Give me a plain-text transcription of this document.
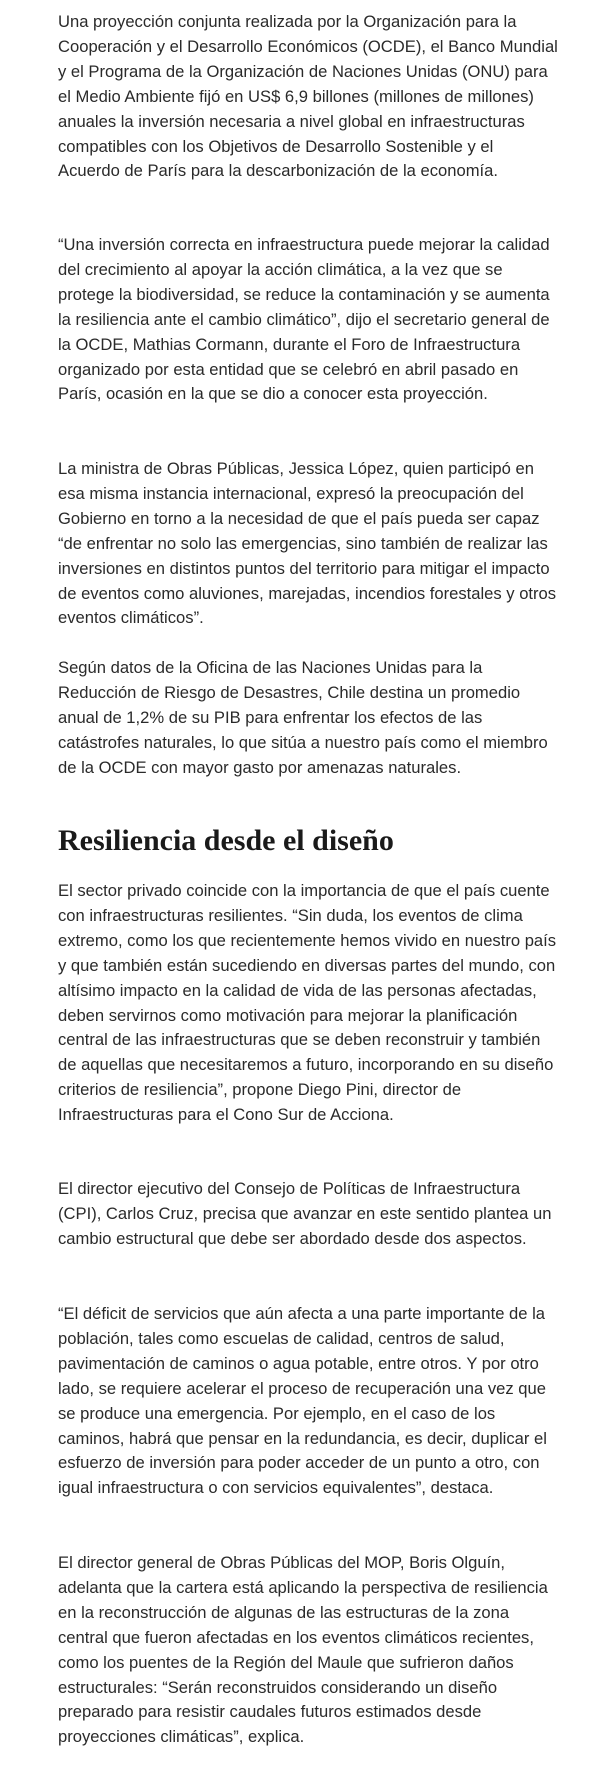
Una proyección conjunta realizada por la Organización para la Cooperación y el Desarrollo Económicos (OCDE), el Banco Mundial y el Programa de la Organización de Naciones Unidas (ONU) para el Medio Ambiente fijó en US$ 6,9 billones (millones de millones) anuales la inversión necesaria a nivel global en infraestructuras compatibles con los Objetivos de Desarrollo Sostenible y el Acuerdo de París para la descarbonización de la economía.

“Una inversión correcta en infraestructura puede mejorar la calidad del crecimiento al apoyar la acción climática, a la vez que se protege la biodiversidad, se reduce la contaminación y se aumenta la resiliencia ante el cambio climático”, dijo el secretario general de la OCDE, Mathias Cormann, durante el Foro de Infraestructura organizado por esta entidad que se celebró en abril pasado en París, ocasión en la que se dio a conocer esta proyección.

La ministra de Obras Públicas, Jessica López, quien participó en esa misma instancia internacional, expresó la preocupación del Gobierno en torno a la necesidad de que el país pueda ser capaz “de enfrentar no solo las emergencias, sino también de realizar las inversiones en distintos puntos del territorio para mitigar el impacto de eventos como aluviones, marejadas, incendios forestales y otros eventos climáticos”.

Según datos de la Oficina de las Naciones Unidas para la Reducción de Riesgo de Desastres, Chile destina un promedio anual de 1,2% de su PIB para enfrentar los efectos de las catástrofes naturales, lo que sitúa a nuestro país como el miembro de la OCDE con mayor gasto por amenazas naturales.

Resiliencia desde el diseño

El sector privado coincide con la importancia de que el país cuente con infraestructuras resilientes. “Sin duda, los eventos de clima extremo, como los que recientemente hemos vivido en nuestro país y que también están sucediendo en diversas partes del mundo, con altísimo impacto en la calidad de vida de las personas afectadas, deben servirnos como motivación para mejorar la planificación central de las infraestructuras que se deben reconstruir y también de aquellas que necesitaremos a futuro, incorporando en su diseño criterios de resiliencia”, propone Diego Pini, director de Infraestructuras para el Cono Sur de Acciona.

El director ejecutivo del Consejo de Políticas de Infraestructura (CPI), Carlos Cruz, precisa que avanzar en este sentido plantea un cambio estructural que debe ser abordado desde dos aspectos.

“El déficit de servicios que aún afecta a una parte importante de la población, tales como escuelas de calidad, centros de salud, pavimentación de caminos o agua potable, entre otros. Y por otro lado, se requiere acelerar el proceso de recuperación una vez que se produce una emergencia. Por ejemplo, en el caso de los caminos, habrá que pensar en la redundancia, es decir, duplicar el esfuerzo de inversión para poder acceder de un punto a otro, con igual infraestructura o con servicios equivalentes”, destaca.

El director general de Obras Públicas del MOP, Boris Olguín, adelanta que la cartera está aplicando la perspectiva de resiliencia en la reconstrucción de algunas de las estructuras de la zona central que fueron afectadas en los eventos climáticos recientes, como los puentes de la Región del Maule que sufrieron daños estructurales: “Serán reconstruidos considerando un diseño preparado para resistir caudales futuros estimados desde proyecciones climáticas”, explica.
